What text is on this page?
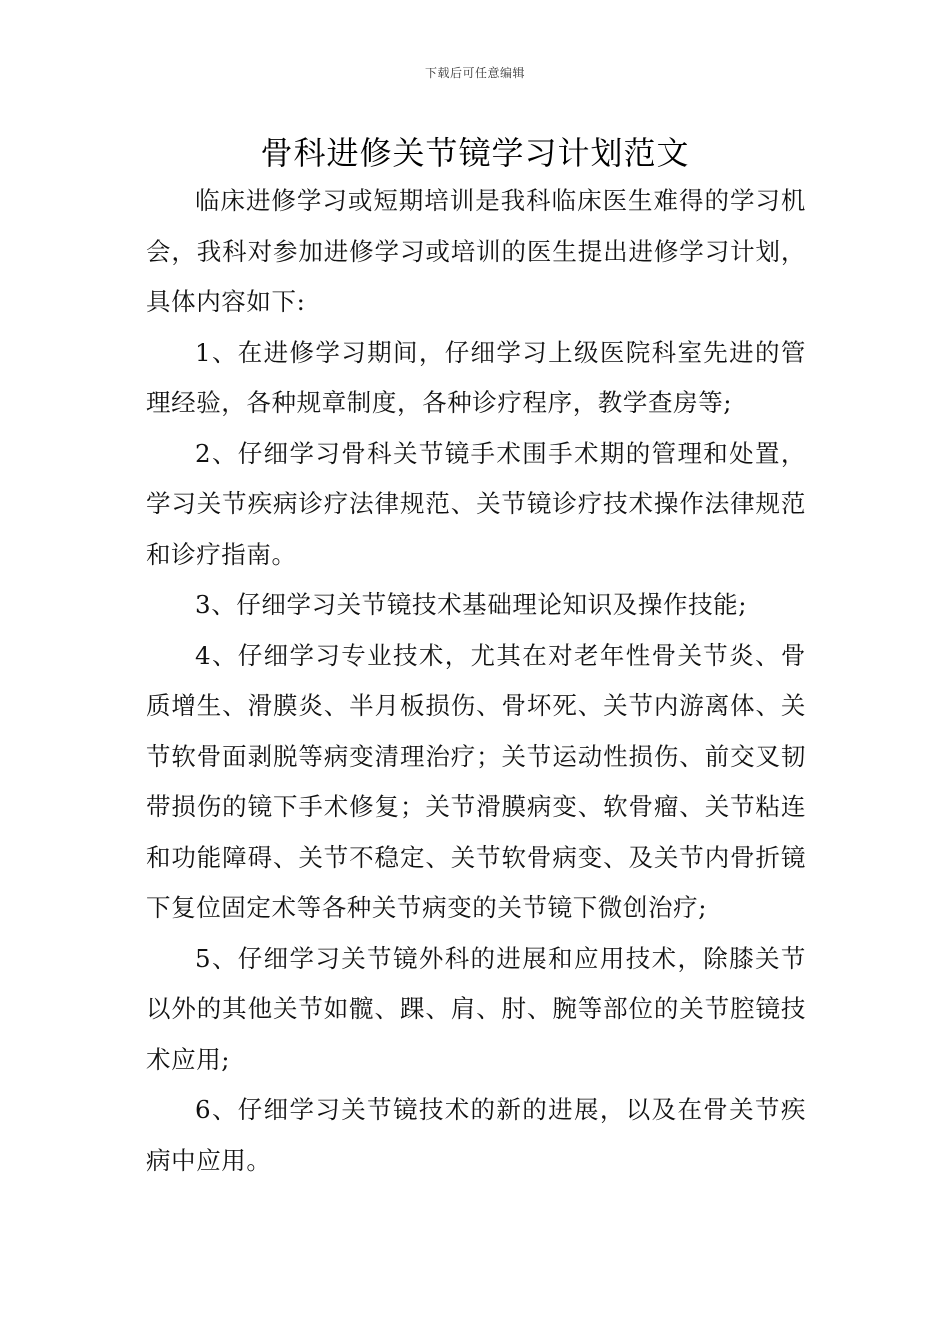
下载后可任意编辑
骨科进修关节镜学习计划范文

临床进修学习或短期培训是我科临床医生难得的学习机会，我科对参加进修学习或培训的医生提出进修学习计划，具体内容如下:

1、在进修学习期间，仔细学习上级医院科室先进的管理经验，各种规章制度，各种诊疗程序，教学查房等;

2、仔细学习骨科关节镜手术围手术期的管理和处置，学习关节疾病诊疗法律规范、关节镜诊疗技术操作法律规范和诊疗指南。

3、仔细学习关节镜技术基础理论知识及操作技能;

4、仔细学习专业技术，尤其在对老年性骨关节炎、骨质增生、滑膜炎、半月板损伤、骨坏死、关节内游离体、关节软骨面剥脱等病变清理治疗；关节运动性损伤、前交叉韧带损伤的镜下手术修复；关节滑膜病变、软骨瘤、关节粘连和功能障碍、关节不稳定、关节软骨病变、及关节内骨折镜下复位固定术等各种关节病变的关节镜下微创治疗;

5、仔细学习关节镜外科的进展和应用技术，除膝关节以外的其他关节如髋、踝、肩、肘、腕等部位的关节腔镜技术应用;

6、仔细学习关节镜技术的新的进展，以及在骨关节疾病中应用。
